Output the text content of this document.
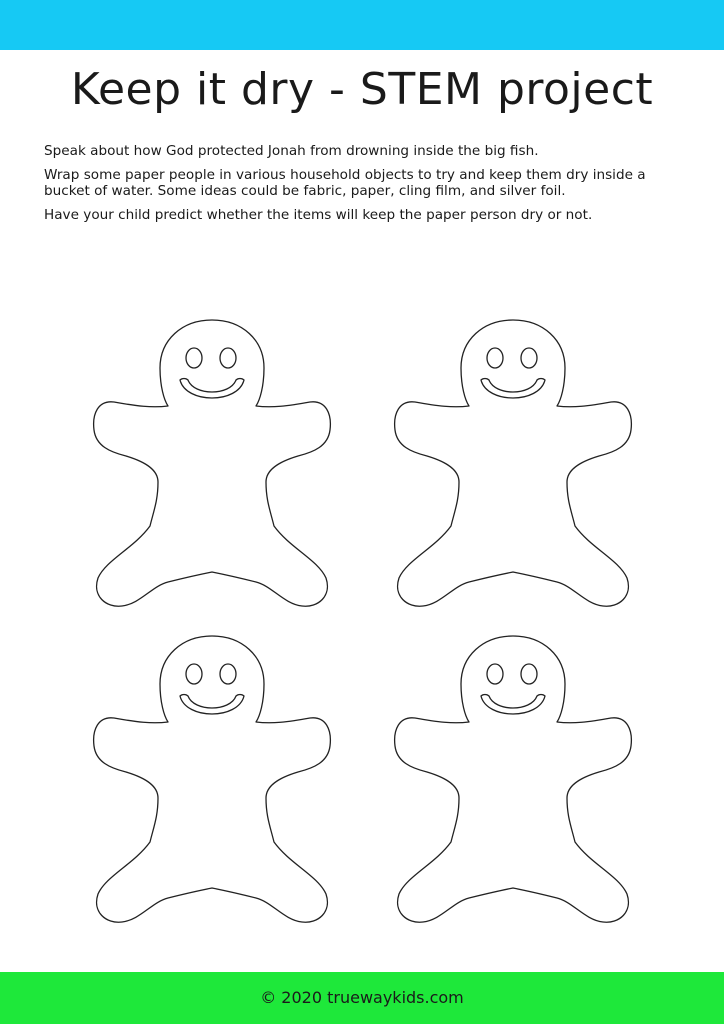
Keep it dry - STEM project

Speak about how God protected Jonah from drowning inside the big fish.

Wrap some paper people in various household objects to try and keep them dry inside a bucket of water. Some ideas could be fabric, paper, cling film, and silver foil.

Have your child predict whether the items will keep the paper person dry or not.

© 2020 truewaykids.com
